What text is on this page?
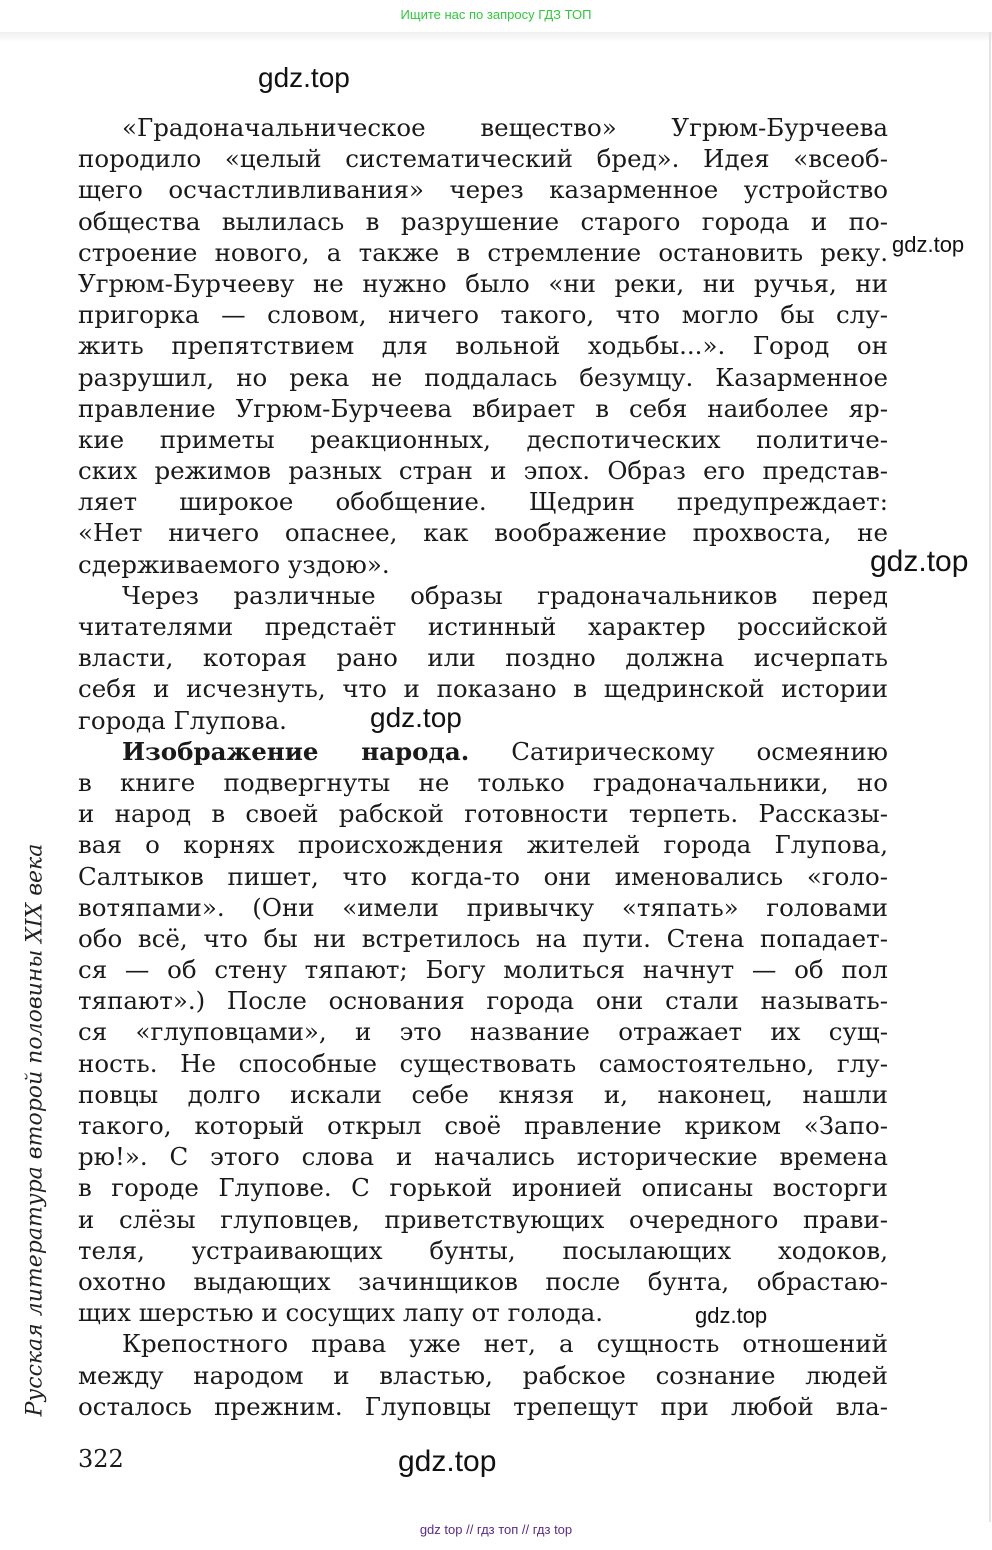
Ищите нас по запросу ГДЗ ТОП
«Градоначальническое вещество» Угрюм-Бурчеева
породило «целый систематический бред». Идея «всеоб-
щего осчастливливания» через казарменное устройство
общества вылилась в разрушение старого города и по-
строение нового, а также в стремление остановить реку.
Угрюм-Бурчееву не нужно было «ни реки, ни ручья, ни
пригорка — словом, ничего такого, что могло бы слу-
жить препятствием для вольной ходьбы...». Город он
разрушил, но река не поддалась безумцу. Казарменное
правление Угрюм-Бурчеева вбирает в себя наиболее яр-
кие приметы реакционных, деспотических политиче-
ских режимов разных стран и эпох. Образ его представ-
ляет широкое обобщение. Щедрин предупреждает:
«Нет ничего опаснее, как воображение прохвоста, не
сдерживаемого уздою».
Через различные образы градоначальников перед
читателями предстаёт истинный характер российской
власти, которая рано или поздно должна исчерпать
себя и исчезнуть, что и показано в щедринской истории
города Глупова.
Изображение народа. Сатирическому осмеянию
в книге подвергнуты не только градоначальники, но
и народ в своей рабской готовности терпеть. Рассказы-
вая о корнях происхождения жителей города Глупова,
Салтыков пишет, что когда-то они именовались «голо-
вотяпами». (Они «имели привычку «тяпать» головами
обо всё, что бы ни встретилось на пути. Стена попадает-
ся — об стену тяпают; Богу молиться начнут — об пол
тяпают».) После основания города они стали называть-
ся «глуповцами», и это название отражает их сущ-
ность. Не способные существовать самостоятельно, глу-
повцы долго искали себе князя и, наконец, нашли
такого, который открыл своё правление криком «Запо-
рю!». С этого слова и начались исторические времена
в городе Глупове. С горькой иронией описаны восторги
и слёзы глуповцев, приветствующих очередного прави-
теля, устраивающих бунты, посылающих ходоков,
охотно выдающих зачинщиков после бунта, обрастаю-
щих шерстью и сосущих лапу от голода.
Крепостного права уже нет, а сущность отношений
между народом и властью, рабское сознание людей
осталось прежним. Глуповцы трепещут при любой вла-
Русская литература второй половины XIX века
322
gdz.top
gdz.top
gdz.top
gdz.top
gdz.top
gdz.top
gdz top // гдз топ // гдз top
